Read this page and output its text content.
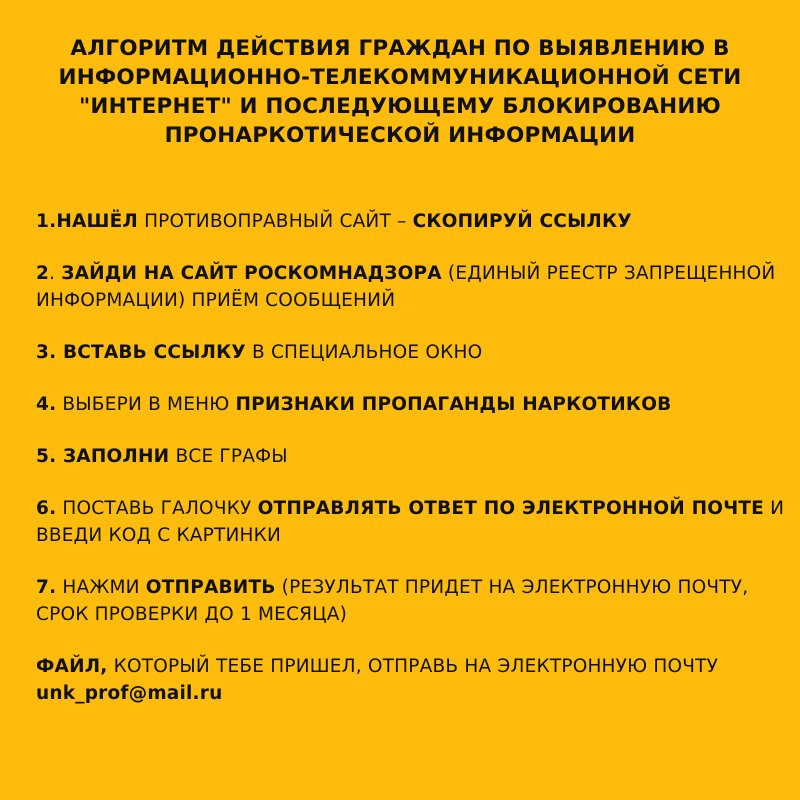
АЛГОРИТМ ДЕЙСТВИЯ ГРАЖДАН ПО ВЫЯВЛЕНИЮ В ИНФОРМАЦИОННО-ТЕЛЕКОММУНИКАЦИОННОЙ СЕТИ "ИНТЕРНЕТ" И ПОСЛЕДУЮЩЕМУ БЛОКИРОВАНИЮ ПРОНАРКОТИЧЕСКОЙ ИНФОРМАЦИИ
1.НАШЁЛ ПРОТИВОПРАВНЫЙ САЙТ – СКОПИРУЙ ССЫЛКУ
2. ЗАЙДИ НА САЙТ РОСКОМНАДЗОРА (ЕДИНЫЙ РЕЕСТР ЗАПРЕЩЕННОЙ ИНФОРМАЦИИ) ПРИЁМ СООБЩЕНИЙ
3. ВСТАВЬ ССЫЛКУ В СПЕЦИАЛЬНОЕ ОКНО
4. ВЫБЕРИ В МЕНЮ ПРИЗНАКИ ПРОПАГАНДЫ НАРКОТИКОВ
5. ЗАПОЛНИ ВСЕ ГРАФЫ
6. ПОСТАВЬ ГАЛОЧКУ ОТПРАВЛЯТЬ ОТВЕТ ПО ЭЛЕКТРОННОЙ ПОЧТЕ И ВВЕДИ КОД С КАРТИНКИ
7. НАЖМИ ОТПРАВИТЬ (РЕЗУЛЬТАТ ПРИДЕТ НА ЭЛЕКТРОННУЮ ПОЧТУ, СРОК ПРОВЕРКИ ДО 1 МЕСЯЦА)
ФАЙЛ, КОТОРЫЙ ТЕБЕ ПРИШЕЛ, ОТПРАВЬ НА ЭЛЕКТРОННУЮ ПОЧТУ unk_prof@mail.ru
